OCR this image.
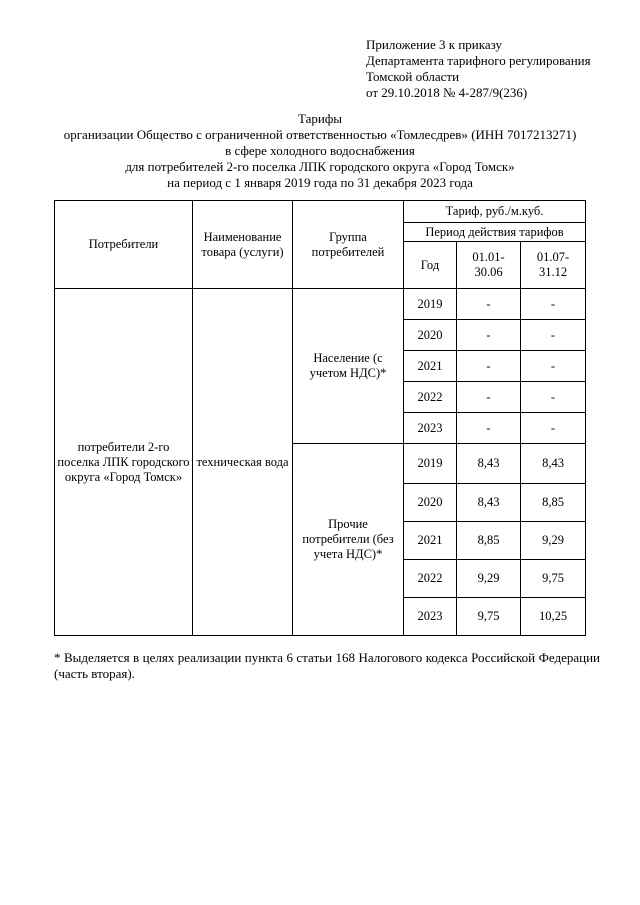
Приложение 3 к приказу
Департамента тарифного регулирования
Томской области
от 29.10.2018 № 4-287/9(236)
Тарифы
организации Общество с ограниченной ответственностью «Томлесдрев» (ИНН 7017213271)
в сфере холодного водоснабжения
для потребителей 2-го поселка ЛПК городского округа «Город Томск»
на период с 1 января 2019 года по 31 декабря 2023 года
Потребители	Наименование товара (услуги)	Группа потребителей	Тариф, руб./м.куб.		
			Период действия тарифов		
			Год	01.01-30.06	01.07-31.12
потребители 2-го поселка ЛПК городского округа «Город Томск»	техническая вода	Население (с учетом НДС)*	2019	-	-
			2020	-	-
			2021	-	-
			2022	-	-
			2023	-	-
		Прочие потребители (без учета НДС)*	2019	8,43	8,43
			2020	8,43	8,85
			2021	8,85	9,29
			2022	9,29	9,75
			2023	9,75	10,25
* Выделяется в целях реализации пункта 6 статьи 168 Налогового кодекса Российской Федерации (часть вторая).
